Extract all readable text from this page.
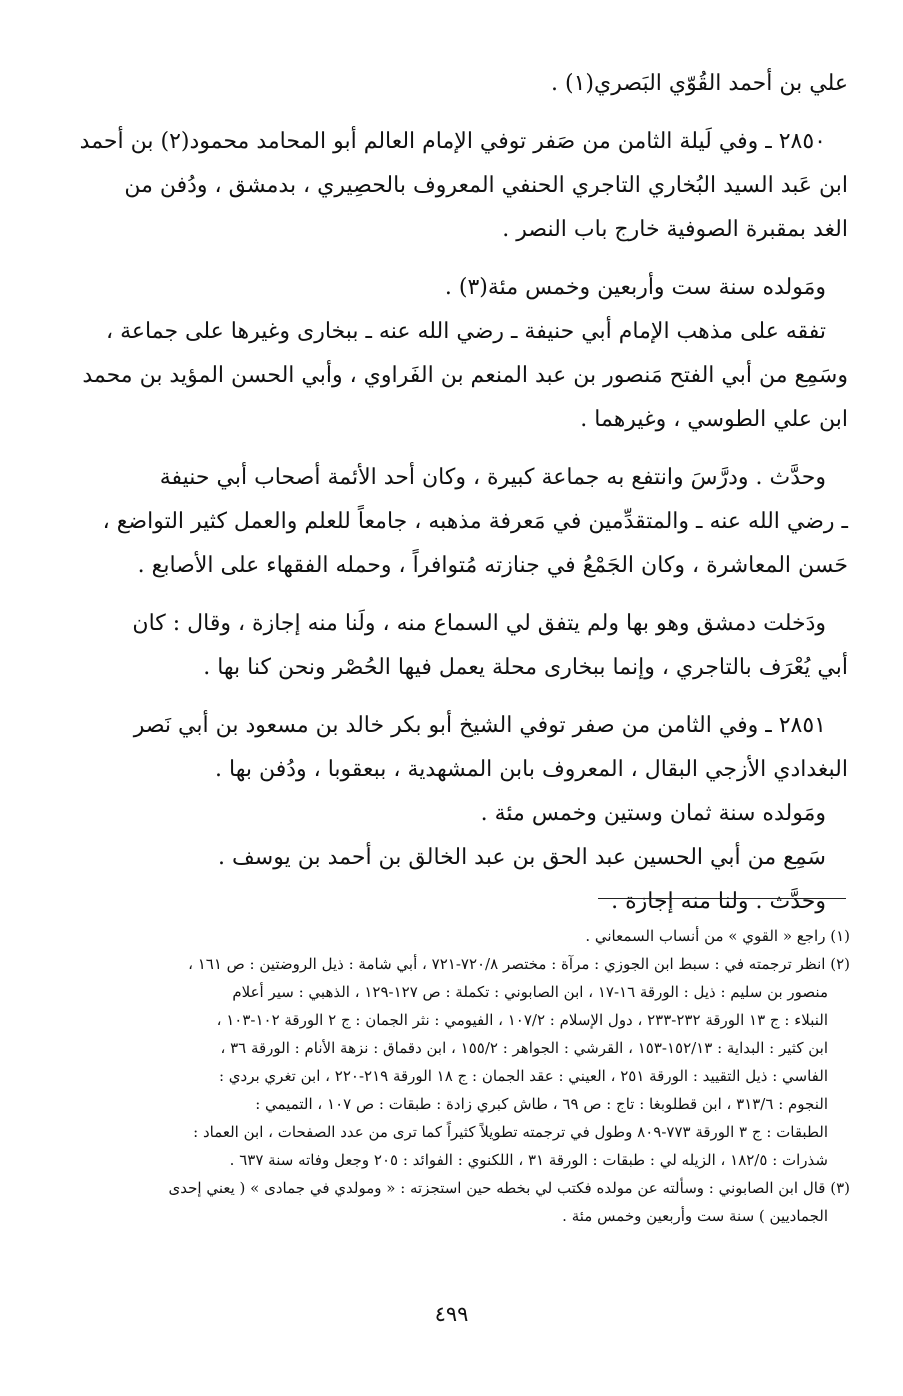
علي بن أحمد القُوّي البَصري(١) .
٢٨٥٠ ـ وفي لَيلة الثامن من صَفر توفي الإمام العالم أبو المحامد محمود(٢) بن أحمد
ابن عَبد السيد البُخاري التاجري الحنفي المعروف بالحصِيري ، بدمشق ، ودُفن من
الغد بمقبرة الصوفية خارج باب النصر .
ومَولده سنة ست وأربعين وخمس مئة(٣) .
تفقه على مذهب الإمام أبي حنيفة ـ رضي الله عنه ـ ببخارى وغيرها على جماعة ،
وسَمِع من أبي الفتح مَنصور بن عبد المنعم بن الفَراوي ، وأبي الحسن المؤيد بن محمد
ابن علي الطوسي ، وغيرهما .
وحدَّث . ودرَّسَ وانتفع به جماعة كبيرة ، وكان أحد الأئمة أصحاب أبي حنيفة
ـ رضي الله عنه ـ والمتقدِّمين في مَعرفة مذهبه ، جامعاً للعلم والعمل كثير التواضع ،
حَسن المعاشرة ، وكان الجَمْعُ في جنازته مُتوافراً ، وحمله الفقهاء على الأصابع .
ودَخلت دمشق وهو بها ولم يتفق لي السماع منه ، ولَنا منه إجازة ، وقال : كان
أبي يُعْرَف بالتاجري ، وإنما ببخارى محلة يعمل فيها الحُصْر ونحن كنا بها .
٢٨٥١ ـ وفي الثامن من صفر توفي الشيخ أبو بكر خالد بن مسعود بن أبي نَصر
البغدادي الأزجي البقال ، المعروف بابن المشهدية ، ببعقوبا ، ودُفن بها .
ومَولده سنة ثمان وستين وخمس مئة .
سَمِع من أبي الحسين عبد الحق بن عبد الخالق بن أحمد بن يوسف .
وحدَّث . ولنا منه إجازة .
(١) راجع « القوي » من أنساب السمعاني .
(٢) انظر ترجمته في : سبط ابن الجوزي : مرآة : مختصر ٧٢٠/٨-٧٢١ ، أبي شامة : ذيل الروضتين : ص ١٦١ ،
منصور بن سليم : ذيل : الورقة ١٦-١٧ ، ابن الصابوني : تكملة : ص ١٢٧-١٢٩ ، الذهبي : سير أعلام
النبلاء : ج ١٣ الورقة ٢٣٢-٢٣٣ ، دول الإسلام : ١٠٧/٢ ، الفيومي : نثر الجمان : ج ٢ الورقة ١٠٢-١٠٣ ،
ابن كثير : البداية : ١٥٢/١٣-١٥٣ ، القرشي : الجواهر : ١٥٥/٢ ، ابن دقماق : نزهة الأنام : الورقة ٣٦ ،
الفاسي : ذيل التقييد : الورقة ٢٥١ ، العيني : عقد الجمان : ج ١٨ الورقة ٢١٩-٢٢٠ ، ابن تغري بردي :
النجوم : ٣١٣/٦ ، ابن قطلوبغا : تاج : ص ٦٩ ، طاش كبري زادة : طبقات : ص ١٠٧ ، التميمي :
الطبقات : ج ٣ الورقة ٧٧٣-٨٠٩ وطول في ترجمته تطويلاً كثيراً كما ترى من عدد الصفحات ، ابن العماد :
شذرات : ١٨٢/٥ ، الزيله لي : طبقات : الورقة ٣١ ، اللكنوي : الفوائد : ٢٠٥ وجعل وفاته سنة ٦٣٧ .
(٣) قال ابن الصابوني : وسألته عن مولده فكتب لي بخطه حين استجزته : « ومولدي في جمادى » ( يعني إحدى
الجماديين ) سنة ست وأربعين وخمس مئة .
٤٩٩
